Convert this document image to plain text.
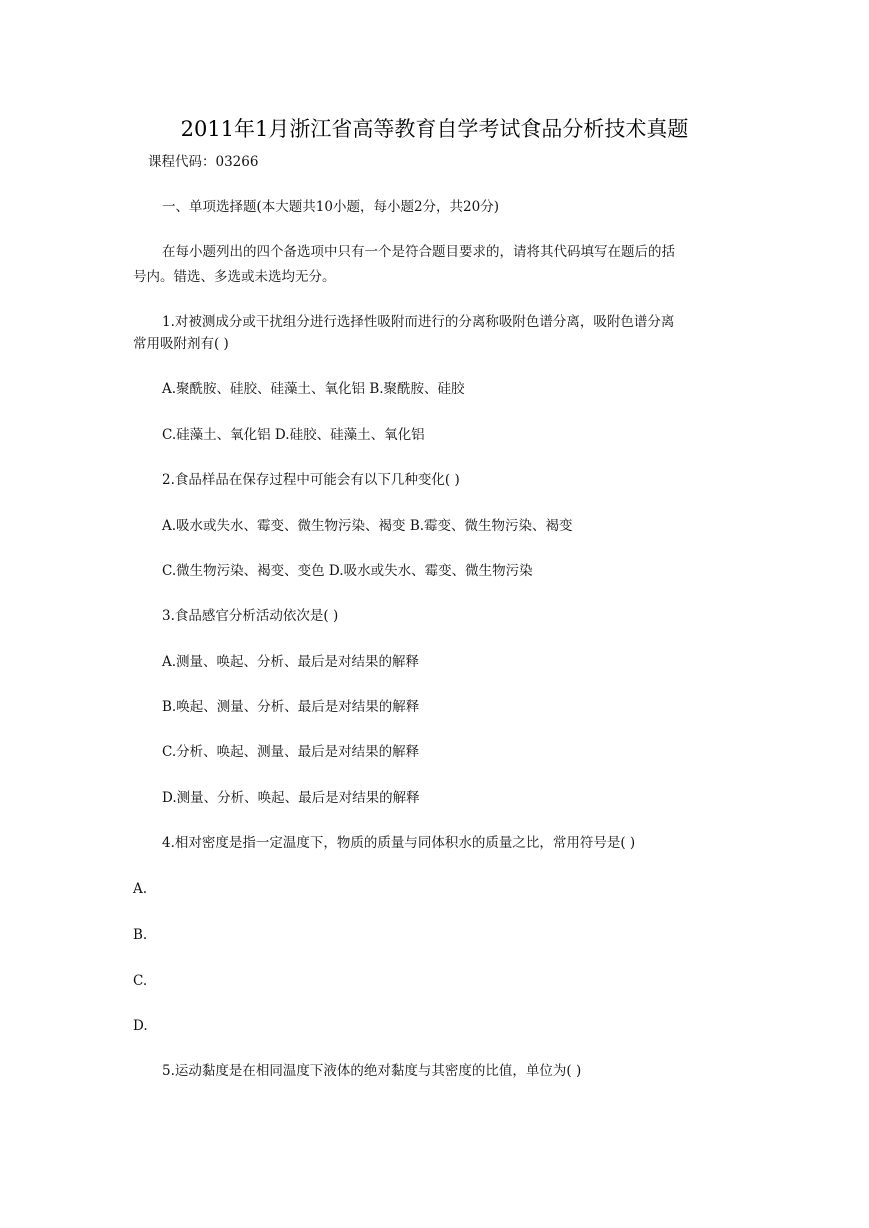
2011年1月浙江省高等教育自学考试食品分析技术真题
课程代码：03266
一、单项选择题(本大题共10小题，每小题2分，共20分)
在每小题列出的四个备选项中只有一个是符合题目要求的，请将其代码填写在题后的括
号内。错选、多选或未选均无分。
1.对被测成分或干扰组分进行选择性吸附而进行的分离称吸附色谱分离，吸附色谱分离
常用吸附剂有( )
A.聚酰胺、硅胶、硅藻土、氧化铝 B.聚酰胺、硅胶
C.硅藻土、氧化铝 D.硅胶、硅藻土、氧化铝
2.食品样品在保存过程中可能会有以下几种变化( )
A.吸水或失水、霉变、微生物污染、褐变 B.霉变、微生物污染、褐变
C.微生物污染、褐变、变色 D.吸水或失水、霉变、微生物污染
3.食品感官分析活动依次是( )
A.测量、唤起、分析、最后是对结果的解释
B.唤起、测量、分析、最后是对结果的解释
C.分析、唤起、测量、最后是对结果的解释
D.测量、分析、唤起、最后是对结果的解释
4.相对密度是指一定温度下，物质的质量与同体积水的质量之比，常用符号是( )
A.
B.
C.
D.
5.运动黏度是在相同温度下液体的绝对黏度与其密度的比值，单位为( )
